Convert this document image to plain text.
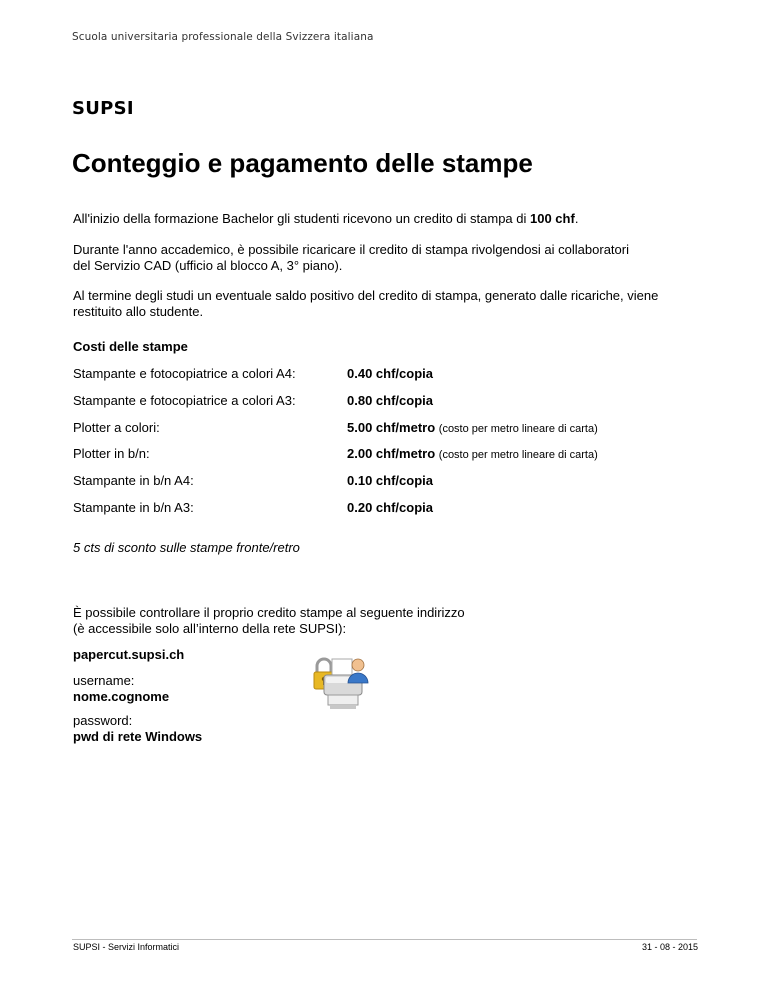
Scuola universitaria professionale della Svizzera italiana
SUPSI
Conteggio e pagamento delle stampe
All'inizio della formazione Bachelor gli studenti ricevono un credito di stampa di 100 chf.
Durante l'anno accademico, è possibile ricaricare il credito di stampa rivolgendosi ai collaboratori
del Servizio CAD (ufficio al blocco A, 3° piano).
Al termine degli studi un eventuale saldo positivo del credito di stampa, generato dalle ricariche, viene
restituito allo studente.
Costi delle stampe
Stampante e fotocopiatrice a colori A4:	0.40 chf/copia
Stampante e fotocopiatrice a colori A3:	0.80 chf/copia
Plotter a colori:	5.00 chf/metro (costo per metro lineare di carta)
Plotter in b/n:	2.00 chf/metro (costo per metro lineare di carta)
Stampante in b/n A4:	0.10 chf/copia
Stampante in b/n A3:	0.20 chf/copia
5 cts di sconto sulle stampe fronte/retro
È possibile controllare il proprio credito stampe al seguente indirizzo
(è accessibile solo all’interno della rete SUPSI):
papercut.supsi.ch
username:
nome.cognome
password:
pwd di rete Windows
SUPSI - Servizi Informatici	31 - 08 - 2015
